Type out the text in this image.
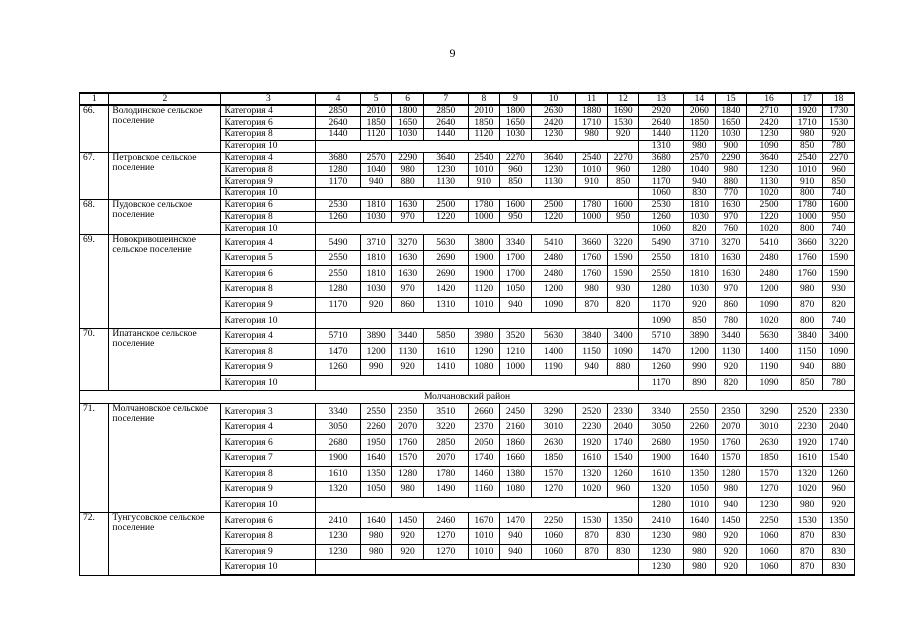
9
1	2	3	4	5	6	7	8	9	10	11	12	13	14	15	16	17	18
66.	Володинское сельское поселение	Категория 4	2850	2010	1800	2850	2010	1800	2630	1880	1690	2920	2060	1840	2710	1920	1730
		Категория 6	2640	1850	1650	2640	1850	1650	2420	1710	1530	2640	1850	1650	2420	1710	1530
		Категория 8	1440	1120	1030	1440	1120	1030	1230	980	920	1440	1120	1030	1230	980	920
		Категория 10										1310	980	900	1090	850	780
67.	Петровское сельское поселение	Категория 4	3680	2570	2290	3640	2540	2270	3640	2540	2270	3680	2570	2290	3640	2540	2270
		Категория 8	1280	1040	980	1230	1010	960	1230	1010	960	1280	1040	980	1230	1010	960
		Категория 9	1170	940	880	1130	910	850	1130	910	850	1170	940	880	1130	910	850
		Категория 10										1060	830	770	1020	800	740
68.	Пудовское сельское поселение	Категория 6	2530	1810	1630	2500	1780	1600	2500	1780	1600	2530	1810	1630	2500	1780	1600
		Категория 8	1260	1030	970	1220	1000	950	1220	1000	950	1260	1030	970	1220	1000	950
		Категория 10										1060	820	760	1020	800	740
69.	Новокривошеинское сельское поселение	Категория 4	5490	3710	3270	5630	3800	3340	5410	3660	3220	5490	3710	3270	5410	3660	3220
		Категория 5	2550	1810	1630	2690	1900	1700	2480	1760	1590	2550	1810	1630	2480	1760	1590
		Категория 6	2550	1810	1630	2690	1900	1700	2480	1760	1590	2550	1810	1630	2480	1760	1590
		Категория 8	1280	1030	970	1420	1120	1050	1200	980	930	1280	1030	970	1200	980	930
		Категория 9	1170	920	860	1310	1010	940	1090	870	820	1170	920	860	1090	870	820
		Категория 10										1090	850	780	1020	800	740
70.	Ипатанское сельское поселение	Категория 4	5710	3890	3440	5850	3980	3520	5630	3840	3400	5710	3890	3440	5630	3840	3400
		Категория 8	1470	1200	1130	1610	1290	1210	1400	1150	1090	1470	1200	1130	1400	1150	1090
		Категория 9	1260	990	920	1410	1080	1000	1190	940	880	1260	990	920	1190	940	880
		Категория 10										1170	890	820	1090	850	780
Молчановский район																	
71.	Молчановское сельское поселение	Категория 3	3340	2550	2350	3510	2660	2450	3290	2520	2330	3340	2550	2350	3290	2520	2330
		Категория 4	3050	2260	2070	3220	2370	2160	3010	2230	2040	3050	2260	2070	3010	2230	2040
		Категория 6	2680	1950	1760	2850	2050	1860	2630	1920	1740	2680	1950	1760	2630	1920	1740
		Категория 7	1900	1640	1570	2070	1740	1660	1850	1610	1540	1900	1640	1570	1850	1610	1540
		Категория 8	1610	1350	1280	1780	1460	1380	1570	1320	1260	1610	1350	1280	1570	1320	1260
		Категория 9	1320	1050	980	1490	1160	1080	1270	1020	960	1320	1050	980	1270	1020	960
		Категория 10										1280	1010	940	1230	980	920
72.	Тунгусовское сельское поселение	Категория 6	2410	1640	1450	2460	1670	1470	2250	1530	1350	2410	1640	1450	2250	1530	1350
		Категория 8	1230	980	920	1270	1010	940	1060	870	830	1230	980	920	1060	870	830
		Категория 9	1230	980	920	1270	1010	940	1060	870	830	1230	980	920	1060	870	830
		Категория 10										1230	980	920	1060	870	830
